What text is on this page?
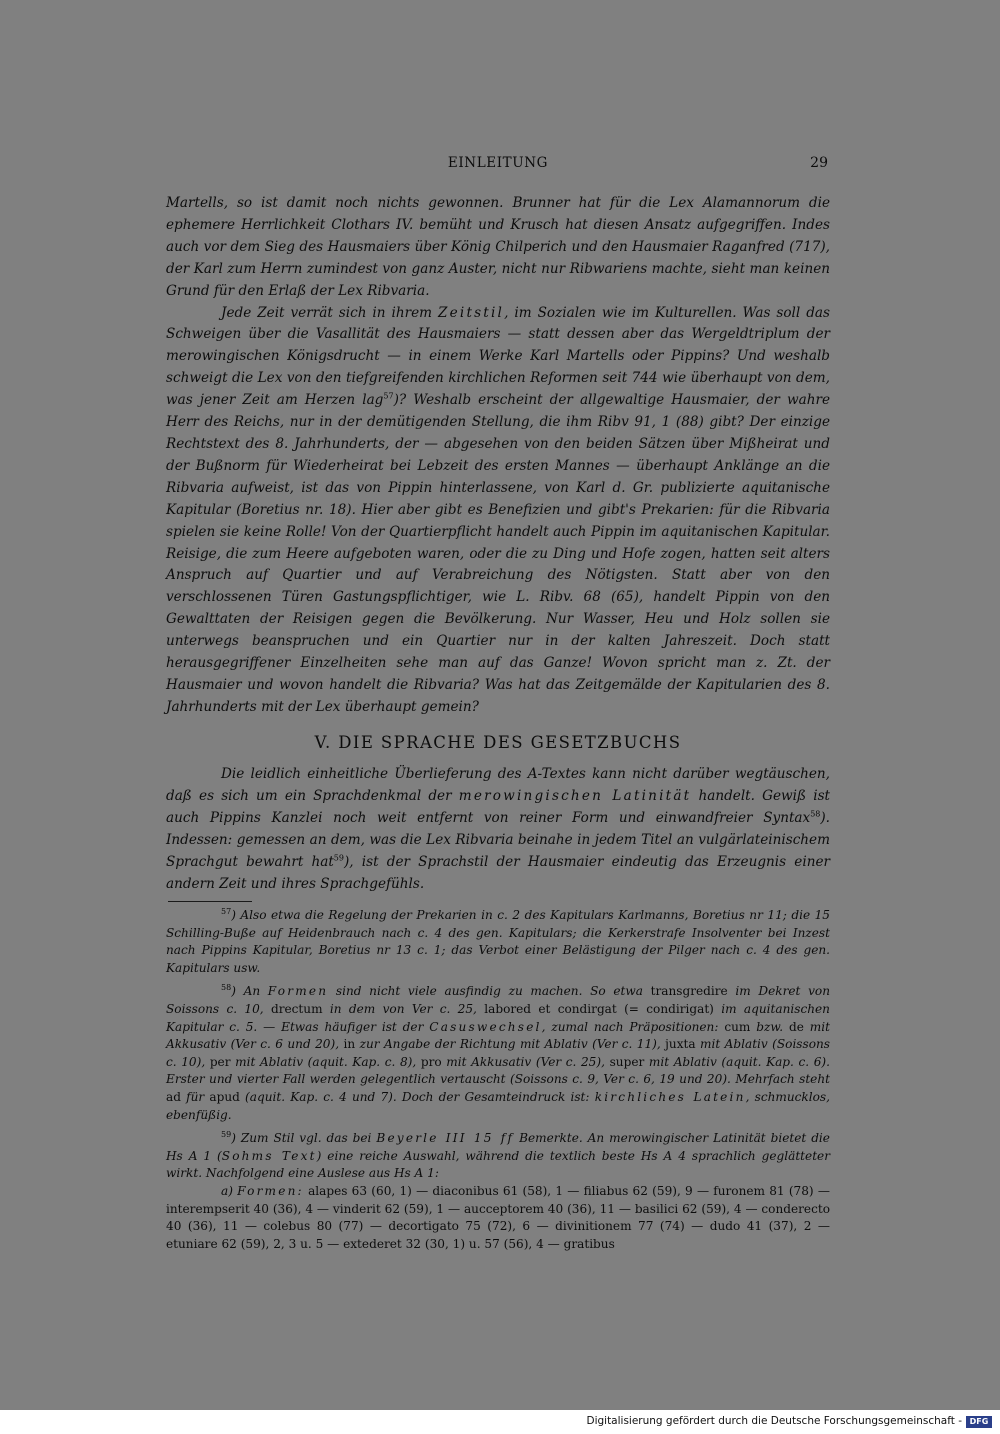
EINLEITUNG	29

Martells, so ist damit noch nichts gewonnen. Brunner hat für die Lex Alamannorum die ephemere Herrlichkeit Clothars IV. bemüht und Krusch hat diesen Ansatz aufgegriffen. Indes auch vor dem Sieg des Hausmaiers über König Chilperich und den Hausmaier Raganfred (717), der Karl zum Herrn zumindest von ganz Auster, nicht nur Ribwariens machte, sieht man keinen Grund für den Erlaß der Lex Ribvaria.

Jede Zeit verrät sich in ihrem Zeitstil, im Sozialen wie im Kulturellen. Was soll das Schweigen über die Vasallität des Hausmaiers — statt dessen aber das Wergeldtriplum der merowingischen Königsdrucht — in einem Werke Karl Martells oder Pippins? Und weshalb schweigt die Lex von den tiefgreifenden kirchlichen Reformen seit 744 wie überhaupt von dem, was jener Zeit am Herzen lag$^{57}$)? Weshalb erscheint der allgewaltige Hausmaier, der wahre Herr des Reichs, nur in der demütigenden Stellung, die ihm Ribv 91, 1 (88) gibt? Der einzige Rechtstext des 8. Jahrhunderts, der — abgesehen von den beiden Sätzen über Mißheirat und der Bußnorm für Wiederheirat bei Lebzeit des ersten Mannes — überhaupt Anklänge an die Ribvaria aufweist, ist das von Pippin hinterlassene, von Karl d. Gr. publizierte aquitanische Kapitular (Boretius nr. 18). Hier aber gibt es Benefizien und gibt's Prekarien: für die Ribvaria spielen sie keine Rolle! Von der Quartierpflicht handelt auch Pippin im aquitanischen Kapitular. Reisige, die zum Heere aufgeboten waren, oder die zu Ding und Hofe zogen, hatten seit alters Anspruch auf Quartier und auf Verabreichung des Nötigsten. Statt aber von den verschlossenen Türen Gastungspflichtiger, wie L. Ribv. 68 (65), handelt Pippin von den Gewalttaten der Reisigen gegen die Bevölkerung. Nur Wasser, Heu und Holz sollen sie unterwegs beanspruchen und ein Quartier nur in der kalten Jahreszeit. Doch statt herausgegriffener Einzelheiten sehe man auf das Ganze! Wovon spricht man z. Zt. der Hausmaier und wovon handelt die Ribvaria? Was hat das Zeitgemälde der Kapitularien des 8. Jahrhunderts mit der Lex überhaupt gemein?

V. DIE SPRACHE DES GESETZBUCHS

Die leidlich einheitliche Überlieferung des A-Textes kann nicht darüber wegtäuschen, daß es sich um ein Sprachdenkmal der merowingischen Latinität handelt. Gewiß ist auch Pippins Kanzlei noch weit entfernt von reiner Form und einwandfreier Syntax$^{58}$). Indessen: gemessen an dem, was die Lex Ribvaria beinahe in jedem Titel an vulgärlateinischem Sprachgut bewahrt hat$^{59}$), ist der Sprachstil der Hausmaier eindeutig das Erzeugnis einer andern Zeit und ihres Sprachgefühls.

$^{57}$) Also etwa die Regelung der Prekarien in c. 2 des Kapitulars Karlmanns, Boretius nr 11; die 15 Schilling-Buße auf Heidenbrauch nach c. 4 des gen. Kapitulars; die Kerkerstrafe Insolventer bei Inzest nach Pippins Kapitular, Boretius nr 13 c. 1; das Verbot einer Belästigung der Pilger nach c. 4 des gen. Kapitulars usw.

$^{58}$) An Formen sind nicht viele ausfindig zu machen. So etwa transgredire im Dekret von Soissons c. 10, drectum in dem von Ver c. 25, labored et condirgat (= condirigat) im aquitanischen Kapitular c. 5. — Etwas häufiger ist der Casuswechsel, zumal nach Präpositionen: cum bzw. de mit Akkusativ (Ver c. 6 und 20), in zur Angabe der Richtung mit Ablativ (Ver c. 11), juxta mit Ablativ (Soissons c. 10), per mit Ablativ (aquit. Kap. c. 8), pro mit Akkusativ (Ver c. 25), super mit Ablativ (aquit. Kap. c. 6). Erster und vierter Fall werden gelegentlich vertauscht (Soissons c. 9, Ver c. 6, 19 und 20). Mehrfach steht ad für apud (aquit. Kap. c. 4 und 7). Doch der Gesamteindruck ist: kirchliches Latein, schmucklos, ebenfüßig.

$^{59}$) Zum Stil vgl. das bei Beyerle III 15 ff Bemerkte. An merowingischer Latinität bietet die Hs A 1 (Sohms Text) eine reiche Auswahl, während die textlich beste Hs A 4 sprachlich geglätteter wirkt. Nachfolgend eine Auslese aus Hs A 1:

a) Formen: alapes 63 (60, 1) — diaconibus 61 (58), 1 — filiabus 62 (59), 9 — furonem 81 (78) — interempserit 40 (36), 4 — vinderit 62 (59), 1 — aucceptorem 40 (36), 11 — basilici 62 (59), 4 — conderecto 40 (36), 11 — colebus 80 (77) — decortigato 75 (72), 6 — divinitionem 77 (74) — dudo 41 (37), 2 — etuniare 62 (59), 2, 3 u. 5 — extederet 32 (30, 1) u. 57 (56), 4 — gratibus

Digitalisierung gefördert durch die Deutsche Forschungsgemeinschaft - DFG
